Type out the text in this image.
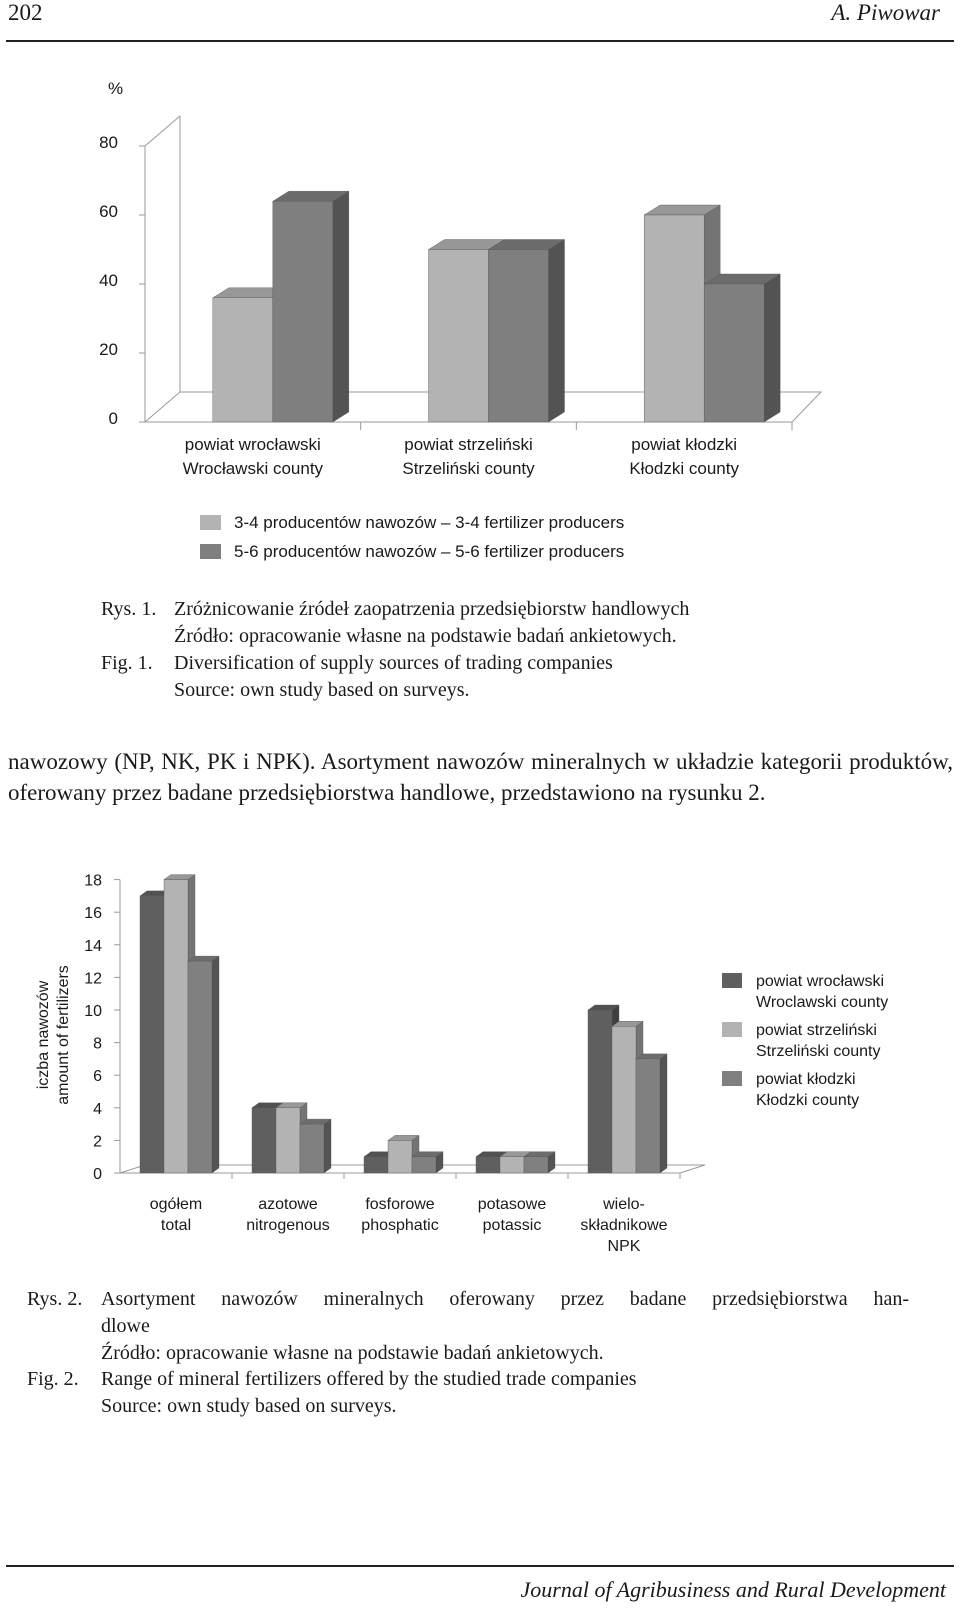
202	A. Piwowar
0
20
40
60
80
%
powiat wrocławski
Wrocławski county
powiat strzeliński
Strzeliński county
powiat kłodzki
Kłodzki county
3-4 producentów nawozów – 3-4 fertilizer producers
5-6 producentów nawozów – 5-6 fertilizer producers
Rys. 1. Zróżnicowanie źródeł zaopatrzenia przedsiębiorstw handlowych
Źródło: opracowanie własne na podstawie badań ankietowych.
Fig. 1. Diversification of supply sources of trading companies
Source: own study based on surveys.
nawozowy (NP, NK, PK i NPK). Asortyment nawozów mineralnych w układzie kategorii produktów, oferowany przez badane przedsiębiorstwa handlowe, przedstawiono na rysunku 2.
0
2
4
6
8
10
12
14
16
18
iczba nawozów amount of fertilizers
ogółem
total
azotowe
nitrogenous
fosforowe
phosphatic
potasowe
potassic
wielo-
składnikowe
NPK
powiat wrocławski
Wroclawski county
powiat strzeliński
Strzeliński county
powiat kłodzki
Kłodzki county
Rys. 2. Asortyment nawozów mineralnych oferowany przez badane przedsiębiorstwa han-
dlowe
Źródło: opracowanie własne na podstawie badań ankietowych.
Fig. 2. Range of mineral fertilizers offered by the studied trade companies
Source: own study based on surveys.
Journal of Agribusiness and Rural Development
